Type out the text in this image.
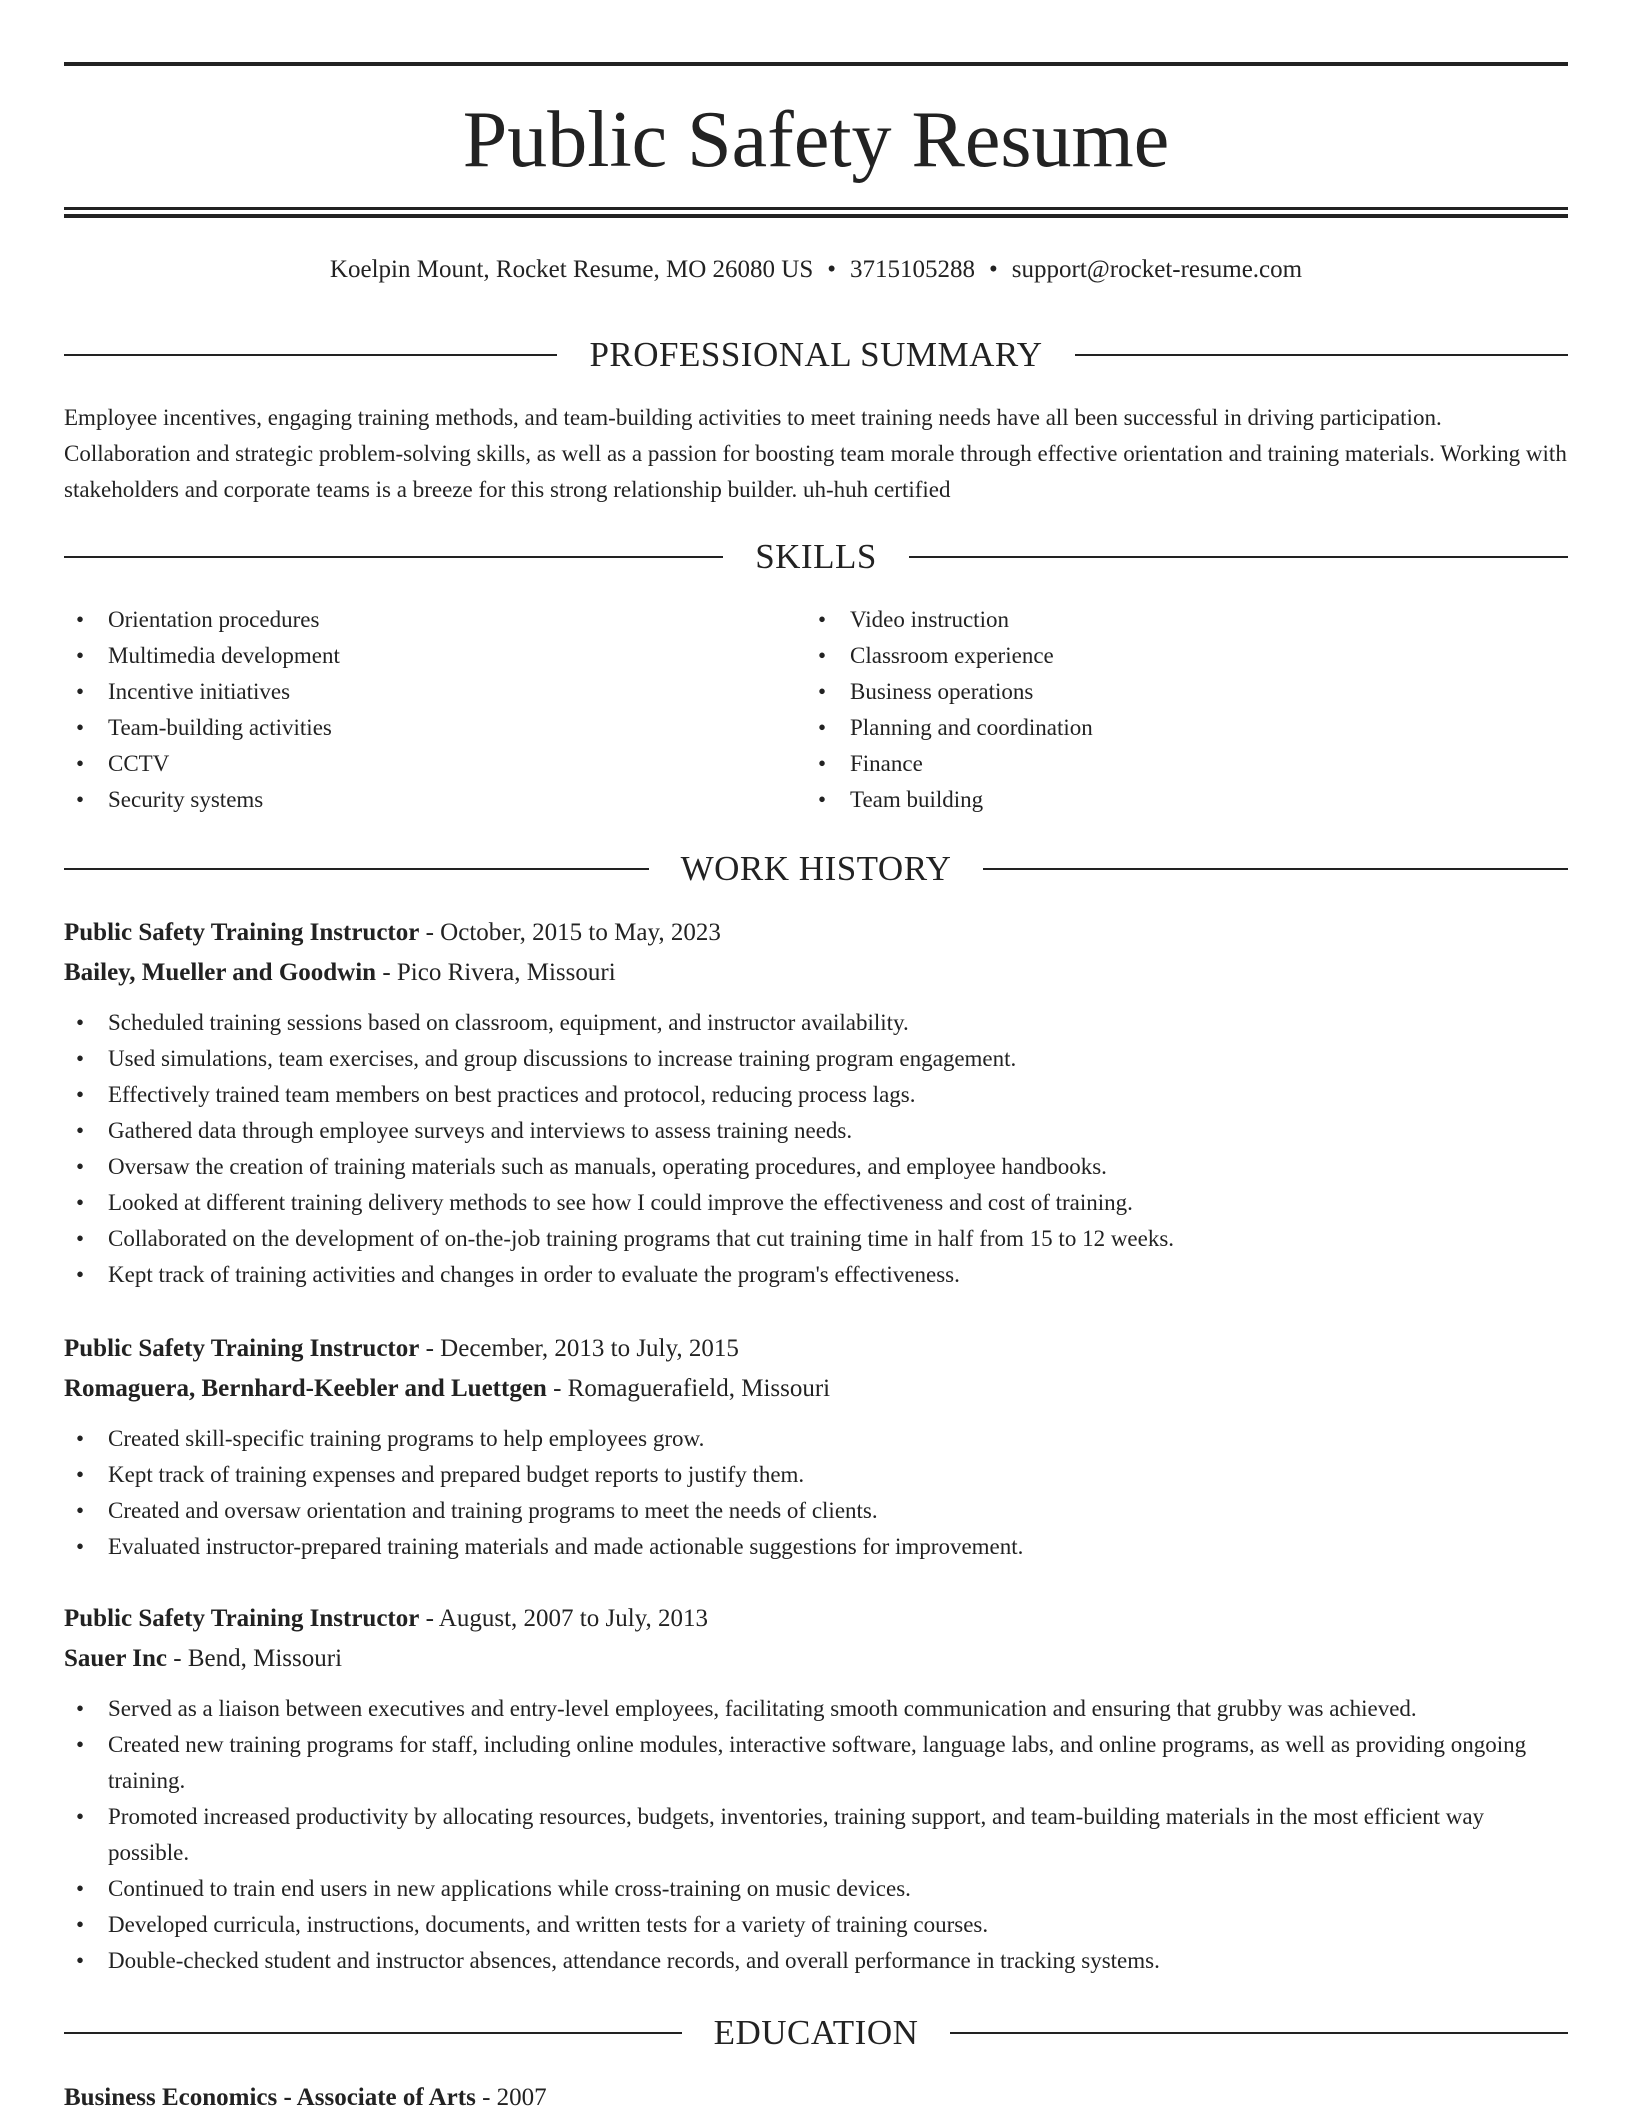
Public Safety Resume
Koelpin Mount, Rocket Resume, MO 26080 US • 3715105288 • support@rocket-resume.com
PROFESSIONAL SUMMARY
Employee incentives, engaging training methods, and team-building activities to meet training needs have all been successful in driving participation. Collaboration and strategic problem-solving skills, as well as a passion for boosting team morale through effective orientation and training materials. Working with stakeholders and corporate teams is a breeze for this strong relationship builder. uh-huh certified
SKILLS
• Orientation procedures
• Multimedia development
• Incentive initiatives
• Team-building activities
• CCTV
• Security systems
• Video instruction
• Classroom experience
• Business operations
• Planning and coordination
• Finance
• Team building
WORK HISTORY
Public Safety Training Instructor - October, 2015 to May, 2023
Bailey, Mueller and Goodwin - Pico Rivera, Missouri
• Scheduled training sessions based on classroom, equipment, and instructor availability.
• Used simulations, team exercises, and group discussions to increase training program engagement.
• Effectively trained team members on best practices and protocol, reducing process lags.
• Gathered data through employee surveys and interviews to assess training needs.
• Oversaw the creation of training materials such as manuals, operating procedures, and employee handbooks.
• Looked at different training delivery methods to see how I could improve the effectiveness and cost of training.
• Collaborated on the development of on-the-job training programs that cut training time in half from 15 to 12 weeks.
• Kept track of training activities and changes in order to evaluate the program's effectiveness.
Public Safety Training Instructor - December, 2013 to July, 2015
Romaguera, Bernhard-Keebler and Luettgen - Romaguerafield, Missouri
• Created skill-specific training programs to help employees grow.
• Kept track of training expenses and prepared budget reports to justify them.
• Created and oversaw orientation and training programs to meet the needs of clients.
• Evaluated instructor-prepared training materials and made actionable suggestions for improvement.
Public Safety Training Instructor - August, 2007 to July, 2013
Sauer Inc - Bend, Missouri
• Served as a liaison between executives and entry-level employees, facilitating smooth communication and ensuring that grubby was achieved.
• Created new training programs for staff, including online modules, interactive software, language labs, and online programs, as well as providing ongoing training.
• Promoted increased productivity by allocating resources, budgets, inventories, training support, and team-building materials in the most efficient way possible.
• Continued to train end users in new applications while cross-training on music devices.
• Developed curricula, instructions, documents, and written tests for a variety of training courses.
• Double-checked student and instructor absences, attendance records, and overall performance in tracking systems.
EDUCATION
Business Economics - Associate of Arts - 2007
